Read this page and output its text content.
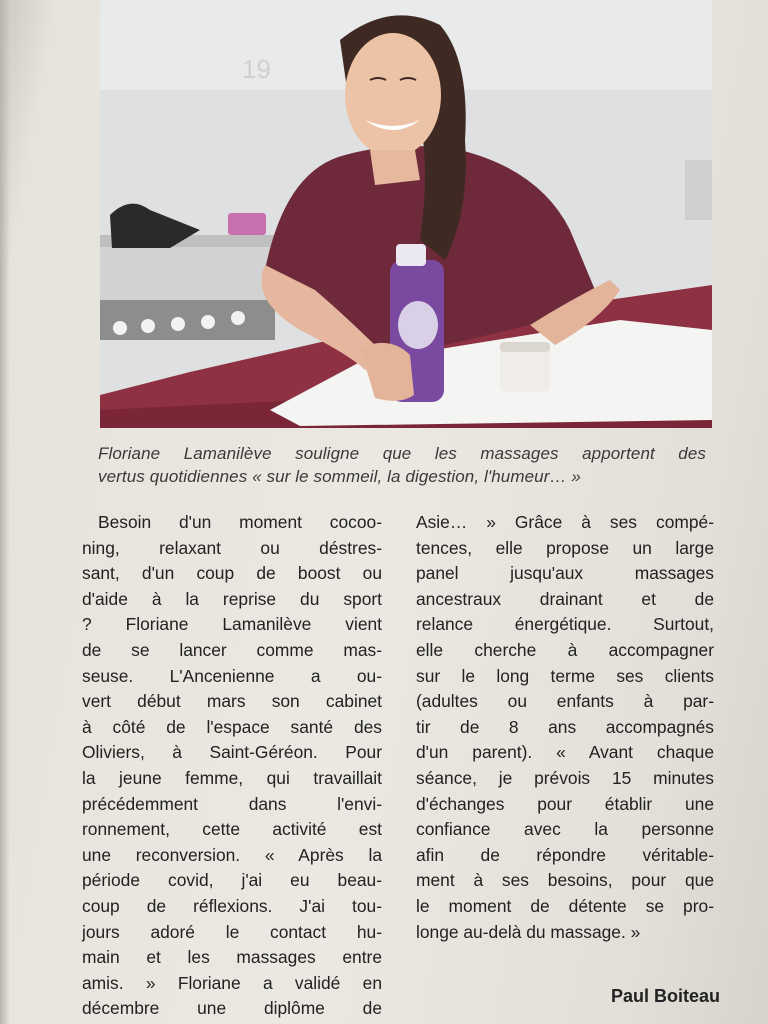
19
Floriane Lamanilève souligne que les massages apportent des
vertus quotidiennes « sur le sommeil, la digestion, l'humeur… »
Besoin d'un moment cocoo-
ning, relaxant ou déstres-
sant, d'un coup de boost ou
d'aide à la reprise du sport
? Floriane Lamanilève vient
de se lancer comme mas-
seuse. L'Ancenienne a ou-
vert début mars son cabinet
à côté de l'espace santé des
Oliviers, à Saint-Géréon. Pour
la jeune femme, qui travaillait
précédemment dans l'envi-
ronnement, cette activité est
une reconversion. « Après la
période covid, j'ai eu beau-
coup de réflexions. J'ai tou-
jours adoré le contact hu-
main et les massages entre
amis. » Floriane a validé en
décembre une diplôme de
Asie… » Grâce à ses compé-
tences, elle propose un large
panel jusqu'aux massages
ancestraux drainant et de
relance énergétique. Surtout,
elle cherche à accompagner
sur le long terme ses clients
(adultes ou enfants à par-
tir de 8 ans accompagnés
d'un parent). « Avant chaque
séance, je prévois 15 minutes
d'échanges pour établir une
confiance avec la personne
afin de répondre véritable-
ment à ses besoins, pour que
le moment de détente se pro-
longe au-delà du massage. »
Paul Boiteau
